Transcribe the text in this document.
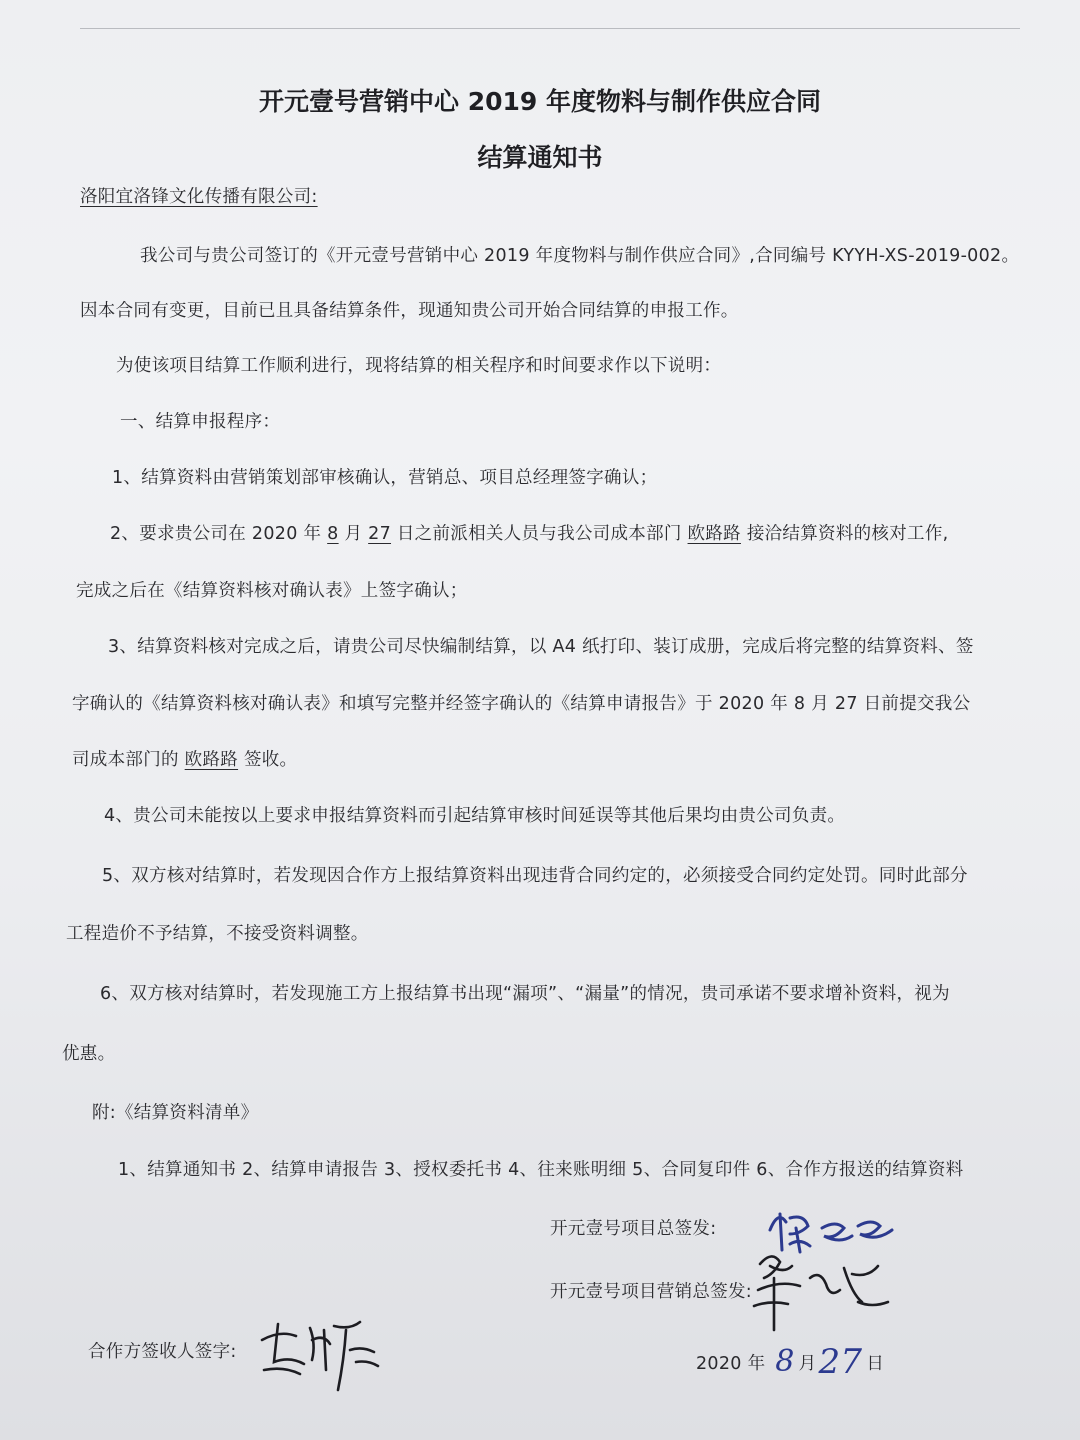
开元壹号营销中心 2019 年度物料与制作供应合同
结算通知书
洛阳宜洛锋文化传播有限公司:
我公司与贵公司签订的《开元壹号营销中心 2019 年度物料与制作供应合同》,合同编号 KYYH-XS-2019-002。
因本合同有变更，目前已且具备结算条件，现通知贵公司开始合同结算的申报工作。
为使该项目结算工作顺利进行，现将结算的相关程序和时间要求作以下说明：
一、结算申报程序：
1、结算资料由营销策划部审核确认，营销总、项目总经理签字确认；
2、要求贵公司在 2020 年 8 月 27 日之前派相关人员与我公司成本部门 欧路路 接洽结算资料的核对工作,
完成之后在《结算资料核对确认表》上签字确认；
3、结算资料核对完成之后，请贵公司尽快编制结算，以 A4 纸打印、装订成册，完成后将完整的结算资料、签
字确认的《结算资料核对确认表》和填写完整并经签字确认的《结算申请报告》于 2020 年 8 月 27 日前提交我公
司成本部门的 欧路路 签收。
4、贵公司未能按以上要求申报结算资料而引起结算审核时间延误等其他后果均由贵公司负责。
5、双方核对结算时，若发现因合作方上报结算资料出现违背合同约定的，必须接受合同约定处罚。同时此部分
工程造价不予结算，不接受资料调整。
6、双方核对结算时，若发现施工方上报结算书出现“漏项”、“漏量”的情况，贵司承诺不要求增补资料，视为
优惠。
附:《结算资料清单》
1、结算通知书 2、结算申请报告 3、授权委托书 4、往来账明细 5、合同复印件 6、合作方报送的结算资料
开元壹号项目总签发:
开元壹号项目营销总签发:
合作方签收人签字:
2020 年 8 月27 日
